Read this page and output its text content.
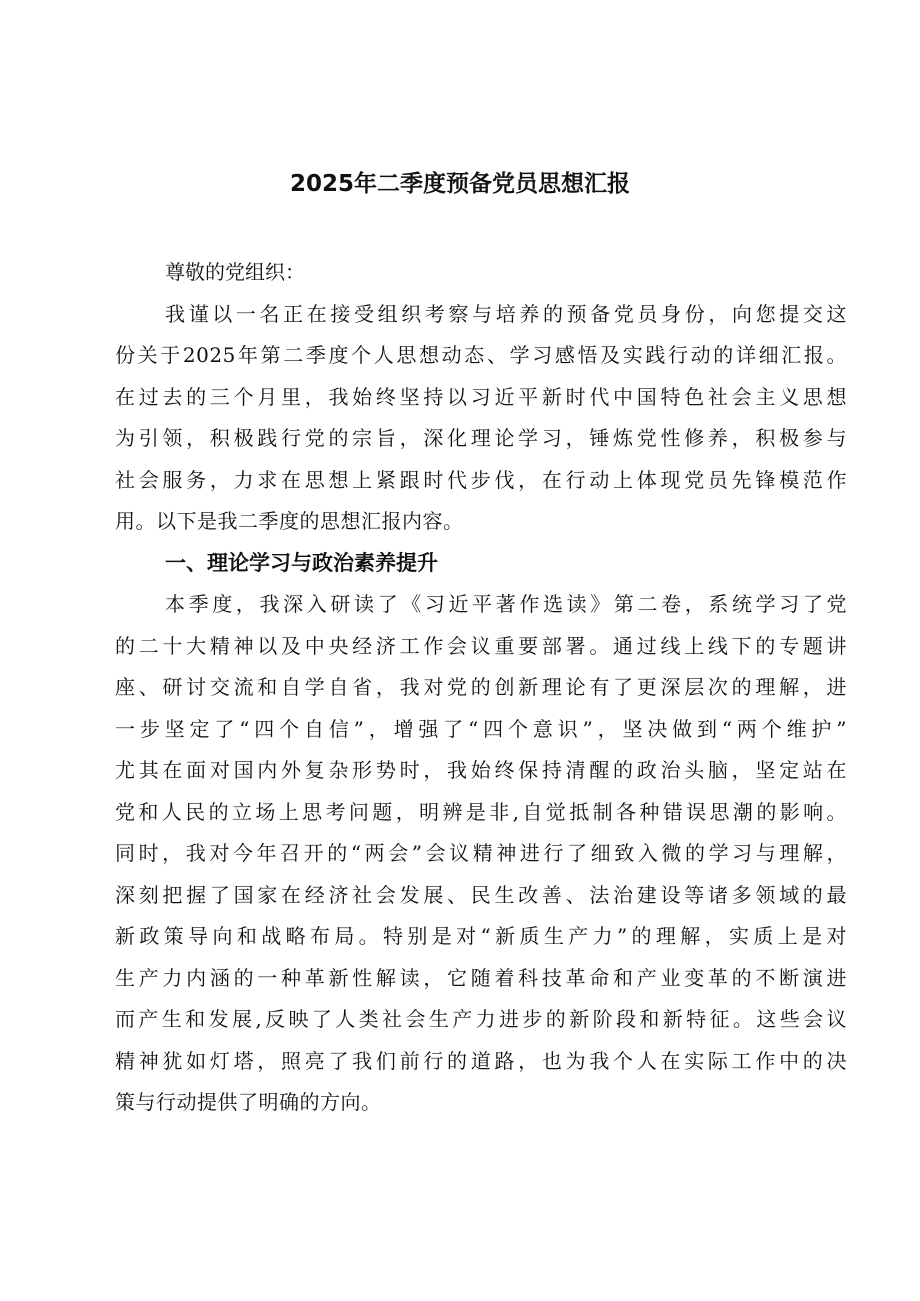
2025年二季度预备党员思想汇报

尊敬的党组织：

我谨以一名正在接受组织考察与培养的预备党员身份，向您提交这
份关于2025年第二季度个人思想动态、学习感悟及实践行动的详细汇报。
在过去的三个月里，我始终坚持以习近平新时代中国特色社会主义思想
为引领，积极践行党的宗旨，深化理论学习，锤炼党性修养，积极参与
社会服务，力求在思想上紧跟时代步伐，在行动上体现党员先锋模范作
用。以下是我二季度的思想汇报内容。
一、理论学习与政治素养提升
本季度，我深入研读了《习近平著作选读》第二卷，系统学习了党
的二十大精神以及中央经济工作会议重要部署。通过线上线下的专题讲
座、研讨交流和自学自省，我对党的创新理论有了更深层次的理解，进
一步坚定了“四个自信”，增强了“四个意识”，坚决做到“两个维护”
尤其在面对国内外复杂形势时，我始终保持清醒的政治头脑，坚定站在
党和人民的立场上思考问题，明辨是非,自觉抵制各种错误思潮的影响。
同时，我对今年召开的“两会”会议精神进行了细致入微的学习与理解，
深刻把握了国家在经济社会发展、民生改善、法治建设等诸多领域的最
新政策导向和战略布局。特别是对“新质生产力”的理解，实质上是对
生产力内涵的一种革新性解读，它随着科技革命和产业变革的不断演进
而产生和发展,反映了人类社会生产力进步的新阶段和新特征。这些会议
精神犹如灯塔，照亮了我们前行的道路，也为我个人在实际工作中的决
策与行动提供了明确的方向。
